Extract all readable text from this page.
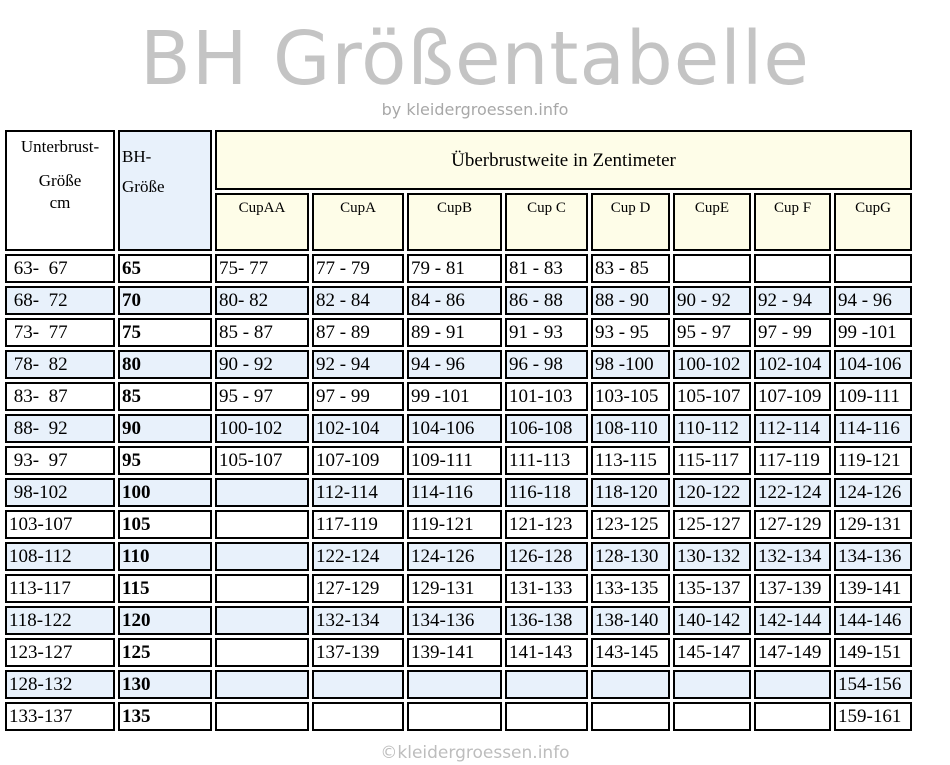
BH Größentabelle
by kleidergroessen.info
Unterbrust-
Größe
cm	BH-
Größe	Überbrustweite in Zentimeter							
		CupAA	CupA	CupB	Cup C	Cup D	CupE	Cup F	CupG
63-  67	65	75- 77	77 - 79	79 - 81	81 - 83	83 - 85			
68-  72	70	80- 82	82 - 84	84 - 86	86 - 88	88 - 90	90 - 92	92 - 94	94 - 96
73-  77	75	85 - 87	87 - 89	89 - 91	91 - 93	93 - 95	95 - 97	97 - 99	99 -101
78-  82	80	90 - 92	92 - 94	94 - 96	96 - 98	98 -100	100-102	102-104	104-106
83-  87	85	95 - 97	97 - 99	99 -101	101-103	103-105	105-107	107-109	109-111
88-  92	90	100-102	102-104	104-106	106-108	108-110	110-112	112-114	114-116
93-  97	95	105-107	107-109	109-111	111-113	113-115	115-117	117-119	119-121
98-102	100		112-114	114-116	116-118	118-120	120-122	122-124	124-126
103-107	105		117-119	119-121	121-123	123-125	125-127	127-129	129-131
108-112	110		122-124	124-126	126-128	128-130	130-132	132-134	134-136
113-117	115		127-129	129-131	131-133	133-135	135-137	137-139	139-141
118-122	120		132-134	134-136	136-138	138-140	140-142	142-144	144-146
123-127	125		137-139	139-141	141-143	143-145	145-147	147-149	149-151
128-132	130								154-156
133-137	135								159-161
©kleidergroessen.info
